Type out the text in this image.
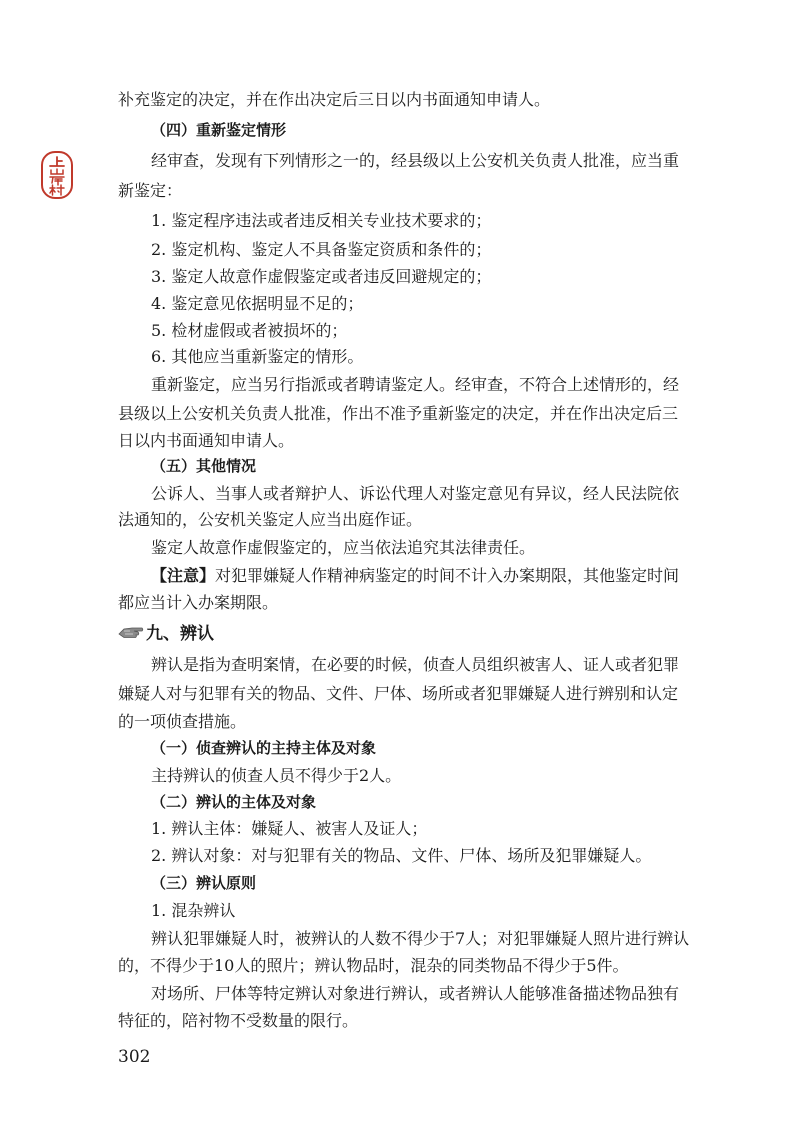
补充鉴定的决定，并在作出决定后三日以内书面通知申请人。
（四）重新鉴定情形
经审查，发现有下列情形之一的，经县级以上公安机关负责人批准，应当重
新鉴定：
1. 鉴定程序违法或者违反相关专业技术要求的；
2. 鉴定机构、鉴定人不具备鉴定资质和条件的；
3. 鉴定人故意作虚假鉴定或者违反回避规定的；
4. 鉴定意见依据明显不足的；
5. 检材虚假或者被损坏的；
6. 其他应当重新鉴定的情形。
重新鉴定，应当另行指派或者聘请鉴定人。经审查，不符合上述情形的，经
县级以上公安机关负责人批准，作出不准予重新鉴定的决定，并在作出决定后三
日以内书面通知申请人。
（五）其他情况
公诉人、当事人或者辩护人、诉讼代理人对鉴定意见有异议，经人民法院依
法通知的，公安机关鉴定人应当出庭作证。
鉴定人故意作虚假鉴定的，应当依法追究其法律责任。
【注意】对犯罪嫌疑人作精神病鉴定的时间不计入办案期限，其他鉴定时间
都应当计入办案期限。
九、辨认
辨认是指为查明案情，在必要的时候，侦查人员组织被害人、证人或者犯罪
嫌疑人对与犯罪有关的物品、文件、尸体、场所或者犯罪嫌疑人进行辨别和认定
的一项侦查措施。
（一）侦查辨认的主持主体及对象
主持辨认的侦查人员不得少于2人。
（二）辨认的主体及对象
1. 辨认主体：嫌疑人、被害人及证人；
2. 辨认对象：对与犯罪有关的物品、文件、尸体、场所及犯罪嫌疑人。
（三）辨认原则
1. 混杂辨认
辨认犯罪嫌疑人时，被辨认的人数不得少于7人；对犯罪嫌疑人照片进行辨认
的，不得少于10人的照片；辨认物品时，混杂的同类物品不得少于5件。
对场所、尸体等特定辨认对象进行辨认，或者辨认人能够准备描述物品独有
特征的，陪衬物不受数量的限行。
302
